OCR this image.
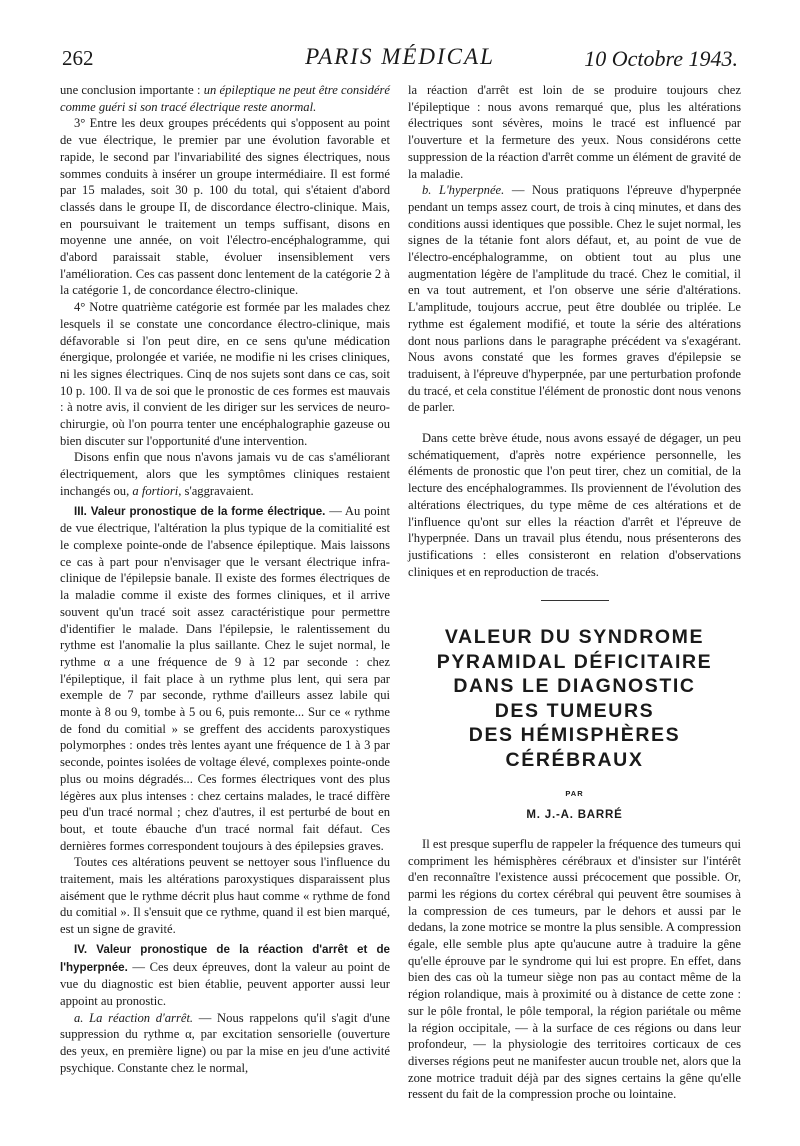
262	PARIS MÉDICAL	10 Octobre 1943.

une conclusion importante : un épileptique ne peut être considéré comme guéri si son tracé électrique reste anormal.

3° Entre les deux groupes précédents qui s'opposent au point de vue électrique, le premier par une évolution favorable et rapide, le second par l'invariabilité des signes électriques, nous sommes conduits à insérer un groupe intermédiaire. Il est formé par 15 malades, soit 30 p. 100 du total, qui s'étaient d'abord classés dans le groupe II, de discordance électro-clinique. Mais, en poursuivant le traitement un temps suffisant, disons en moyenne une année, on voit l'électro-encéphalogramme, qui d'abord paraissait stable, évoluer insensiblement vers l'amélioration. Ces cas passent donc lentement de la catégorie 2 à la catégorie 1, de concordance électro-clinique.

4° Notre quatrième catégorie est formée par les malades chez lesquels il se constate une concordance électro-clinique, mais défavorable si l'on peut dire, en ce sens qu'une médication énergique, prolongée et variée, ne modifie ni les crises cliniques, ni les signes électriques. Cinq de nos sujets sont dans ce cas, soit 10 p. 100. Il va de soi que le pronostic de ces formes est mauvais : à notre avis, il convient de les diriger sur les services de neuro-chirurgie, où l'on pourra tenter une encéphalographie gazeuse ou bien discuter sur l'opportunité d'une intervention.

Disons enfin que nous n'avons jamais vu de cas s'améliorant électriquement, alors que les symptômes cliniques restaient inchangés ou, a fortiori, s'aggravaient.

III. Valeur pronostique de la forme électrique. — Au point de vue électrique, l'altération la plus typique de la comitialité est le complexe pointe-onde de l'absence épileptique. Mais laissons ce cas à part pour n'envisager que le versant électrique infra-clinique de l'épilepsie banale. Il existe des formes électriques de la maladie comme il existe des formes cliniques, et il arrive souvent qu'un tracé soit assez caractéristique pour permettre d'identifier le malade. Dans l'épilepsie, le ralentissement du rythme est l'anomalie la plus saillante. Chez le sujet normal, le rythme α a une fréquence de 9 à 12 par seconde : chez l'épileptique, il fait place à un rythme plus lent, qui sera par exemple de 7 par seconde, rythme d'ailleurs assez labile qui monte à 8 ou 9, tombe à 5 ou 6, puis remonte... Sur ce « rythme de fond du comitial » se greffent des accidents paroxystiques polymorphes : ondes très lentes ayant une fréquence de 1 à 3 par seconde, pointes isolées de voltage élevé, complexes pointe-onde plus ou moins dégradés... Ces formes électriques vont des plus légères aux plus intenses : chez certains malades, le tracé diffère peu d'un tracé normal ; chez d'autres, il est perturbé de bout en bout, et toute ébauche d'un tracé normal fait défaut. Ces dernières formes correspondent toujours à des épilepsies graves.

Toutes ces altérations peuvent se nettoyer sous l'influence du traitement, mais les altérations paroxystiques disparaissent plus aisément que le rythme décrit plus haut comme « rythme de fond du comitial ». Il s'ensuit que ce rythme, quand il est bien marqué, est un signe de gravité.

IV. Valeur pronostique de la réaction d'arrêt et de l'hyperpnée. — Ces deux épreuves, dont la valeur au point de vue du diagnostic est bien établie, peuvent apporter aussi leur appoint au pronostic.

a. La réaction d'arrêt. — Nous rappelons qu'il s'agit d'une suppression du rythme α, par excitation sensorielle (ouverture des yeux, en première ligne) ou par la mise en jeu d'une activité psychique. Constante chez le normal,

la réaction d'arrêt est loin de se produire toujours chez l'épileptique : nous avons remarqué que, plus les altérations électriques sont sévères, moins le tracé est influencé par l'ouverture et la fermeture des yeux. Nous considérons cette suppression de la réaction d'arrêt comme un élément de gravité de la maladie.

b. L'hyperpnée. — Nous pratiquons l'épreuve d'hyperpnée pendant un temps assez court, de trois à cinq minutes, et dans des conditions aussi identiques que possible. Chez le sujet normal, les signes de la tétanie font alors défaut, et, au point de vue de l'électro-encéphalogramme, on obtient tout au plus une augmentation légère de l'amplitude du tracé. Chez le comitial, il en va tout autrement, et l'on observe une série d'altérations. L'amplitude, toujours accrue, peut être doublée ou triplée. Le rythme est également modifié, et toute la série des altérations dont nous parlions dans le paragraphe précédent va s'exagérant. Nous avons constaté que les formes graves d'épilepsie se traduisent, à l'épreuve d'hyperpnée, par une perturbation profonde du tracé, et cela constitue l'élément de pronostic dont nous venons de parler.

Dans cette brève étude, nous avons essayé de dégager, un peu schématiquement, d'après notre expérience personnelle, les éléments de pronostic que l'on peut tirer, chez un comitial, de la lecture des encéphalogrammes. Ils proviennent de l'évolution des altérations électriques, du type même de ces altérations et de l'influence qu'ont sur elles la réaction d'arrêt et l'épreuve de l'hyperpnée. Dans un travail plus étendu, nous présenterons des justifications : elles consisteront en relation d'observations cliniques et en reproduction de tracés.

VALEUR DU SYNDROME
PYRAMIDAL DÉFICITAIRE
DANS LE DIAGNOSTIC
DES TUMEURS
DES HÉMISPHÈRES
CÉRÉBRAUX
PAR
M. J.-A. BARRÉ

Il est presque superflu de rappeler la fréquence des tumeurs qui compriment les hémisphères cérébraux et d'insister sur l'intérêt d'en reconnaître l'existence aussi précocement que possible. Or, parmi les régions du cortex cérébral qui peuvent être soumises à la compression de ces tumeurs, par le dehors et aussi par le dedans, la zone motrice se montre la plus sensible. A compression égale, elle semble plus apte qu'aucune autre à traduire la gêne qu'elle éprouve par le syndrome qui lui est propre. En effet, dans bien des cas où la tumeur siège non pas au contact même de la région rolandique, mais à proximité ou à distance de cette zone : sur le pôle frontal, le pôle temporal, la région pariétale ou même la région occipitale, — à la surface de ces régions ou dans leur profondeur, — la physiologie des territoires corticaux de ces diverses régions peut ne manifester aucun trouble net, alors que la zone motrice traduit déjà par des signes certains la gêne qu'elle ressent du fait de la compression proche ou lointaine.
